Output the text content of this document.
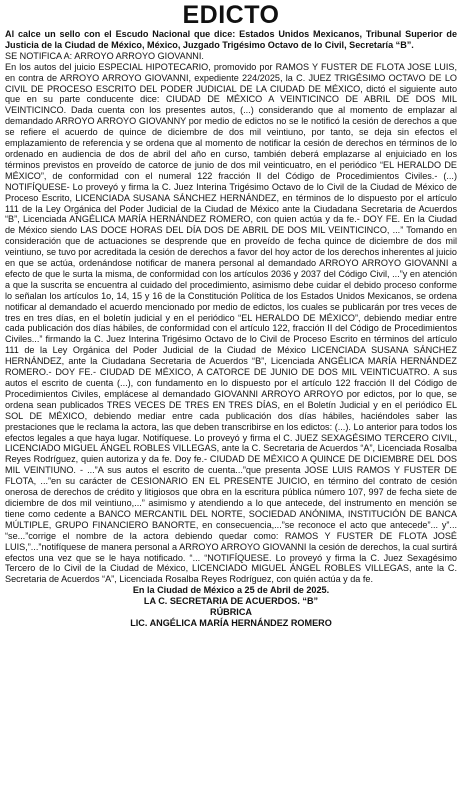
EDICTO

Al calce un sello con el Escudo Nacional que dice: Estados Unidos Mexicanos, Tribunal Superior de Justicia de la Ciudad de México, México, Juzgado Trigésimo Octavo de lo Civil, Secretaría “B”.

SE NOTIFICA A: ARROYO ARROYO GIOVANNI.

En los autos del juicio ESPECIAL HIPOTECARIO, promovido por RAMOS Y FUSTER DE FLOTA JOSE LUIS, en contra de ARROYO ARROYO GIOVANNI, expediente 224/2025, la C. JUEZ TRIGÉSIMO OCTAVO DE LO CIVIL DE PROCESO ESCRITO DEL PODER JUDICIAL DE LA CIUDAD DE MÉXICO, dictó el siguiente auto que en su parte conducente dice: CIUDAD DE MÉXICO A VEINTICINCO DE ABRIL DE DOS MIL VEINTICINCO. Dada cuenta con los presentes autos, (...) considerando que al momento de emplazar al demandado ARROYO ARROYO GIOVANNY por medio de edictos no se le notificó la cesión de derechos a que se refiere el acuerdo de quince de diciembre de dos mil veintiuno, por tanto, se deja sin efectos el emplazamiento de referencia y se ordena que al momento de notificar la cesión de derechos en términos de lo ordenado en audiencia de dos de abril del año en curso, también deberá emplazarse al enjuiciado en los términos previstos en proveído de catorce de junio de dos mil veinticuatro, en el periódico “EL HERALDO DE MÉXICO”, de conformidad con el numeral 122 fracción II del Código de Procedimientos Civiles.- (...) NOTIFÍQUESE- Lo proveyó y firma la C. Juez Interina Trigésimo Octavo de lo Civil de la Ciudad de México de Proceso Escrito, LICENCIADA SUSANA SÁNCHEZ HERNÁNDEZ, en términos de lo dispuesto por el artículo 111 de la Ley Orgánica del Poder Judicial de la Ciudad de México ante la Ciudadana Secretaria de Acuerdos “B”, Licenciada ANGÉLICA MARÍA HERNÁNDEZ ROMERO, con quien actúa y da fe.- DOY FE. En la Ciudad de México siendo LAS DOCE HORAS DEL DÍA DOS DE ABRIL DE DOS MIL VEINTICINCO, ...” Tomando en consideración que de actuaciones se desprende que en proveído de fecha quince de diciembre de dos mil veintiuno, se tuvo por acreditada la cesión de derechos a favor del hoy actor de los derechos inherentes al juicio en que se actúa, ordenándose notificar de manera personal al demandado ARROYO ARROYO GIOVANNI a efecto de que le surta la misma, de conformidad con los artículos 2036 y 2037 del Código Civil, ...”y en atención a que la suscrita se encuentra al cuidado del procedimiento, asimismo debe cuidar el debido proceso conforme lo señalan los artículos 1o, 14, 15 y 16 de la Constitución Política de los Estados Unidos Mexicanos, se ordena notificar al demandado el acuerdo mencionado por medio de edictos, los cuales se publicarán por tres veces de tres en tres días, en el boletín judicial y en el periódico “EL HERALDO DE MÉXICO”, debiendo mediar entre cada publicación dos días hábiles, de conformidad con el artículo 122, fracción II del Código de Procedimientos Civiles...” firmando la C. Juez Interina Trigésimo Octavo de lo Civil de Proceso Escrito en términos del artículo 111 de la Ley Orgánica del Poder Judicial de la Ciudad de México LICENCIADA SUSANA SÁNCHEZ HERNÁNDEZ, ante la Ciudadana Secretaria de Acuerdos “B”, Licenciada ANGÉLICA MARÍA HERNÁNDEZ ROMERO.- DOY FE.- CIUDAD DE MÉXICO, A CATORCE DE JUNIO DE DOS MIL VEINTICUATRO. A sus autos el escrito de cuenta (...), con fundamento en lo dispuesto por el artículo 122 fracción II del Código de Procedimientos Civiles, emplácese al demandado GIOVANNI ARROYO ARROYO por edictos, por lo que, se ordena sean publicados TRES VECES DE TRES EN TRES DÍAS, en el Boletín Judicial y en el periódico EL SOL DE MÉXICO, debiendo mediar entre cada publicación dos días hábiles, haciéndoles saber las prestaciones que le reclama la actora, las que deben transcribirse en los edictos: (...). Lo anterior para todos los efectos legales a que haya lugar. Notifíquese. Lo proveyó y firma el C. JUEZ SEXAGÉSIMO TERCERO CIVIL, LICENCIADO MIGUEL ÁNGEL ROBLES VILLEGAS, ante la C. Secretaria de Acuerdos “A”, Licenciada Rosalba Reyes Rodríguez, quien autoriza y da fe. Doy fe.- CIUDAD DE MÉXICO A QUINCE DE DICIEMBRE DEL DOS MIL VEINTIUNO. - ...”A sus autos el escrito de cuenta...”que presenta JOSE LUIS RAMOS Y FUSTER DE FLOTA, ...”en su carácter de CESIONARIO EN EL PRESENTE JUICIO, en término del contrato de cesión onerosa de derechos de crédito y litigiosos que obra en la escritura pública número 107, 997 de fecha siete de diciembre de dos mil veintiuno,...” asimismo y atendiendo a lo que antecede, del instrumento en mención se tiene como cedente a BANCO MERCANTIL DEL NORTE, SOCIEDAD ANÓNIMA, INSTITUCIÓN DE BANCA MÚLTIPLE, GRUPO FINANCIERO BANORTE, en consecuencia,...”se reconoce el acto que antecede”... y”... “se...”corrige el nombre de la actora debiendo quedar como: RAMOS Y FUSTER DE FLOTA JOSÉ LUIS,”...”notifíquese de manera personal a ARROYO ARROYO GIOVANNI la cesión de derechos, la cual surtirá efectos una vez que se le haya notificado. “... “NOTIFÍQUESE. Lo proveyó y firma la C. Juez Sexagésimo Tercero de lo Civil de la Ciudad de México, LICENCIADO MIGUEL ÁNGEL ROBLES VILLEGAS, ante la C. Secretaria de Acuerdos “A”, Licenciada Rosalba Reyes Rodríguez, con quién actúa y da fe.

En la Ciudad de México a 25 de Abril de 2025.

LA C. SECRETARIA DE ACUERDOS. “B”

RÚBRICA

LIC. ANGÉLICA MARÍA HERNÁNDEZ ROMERO
